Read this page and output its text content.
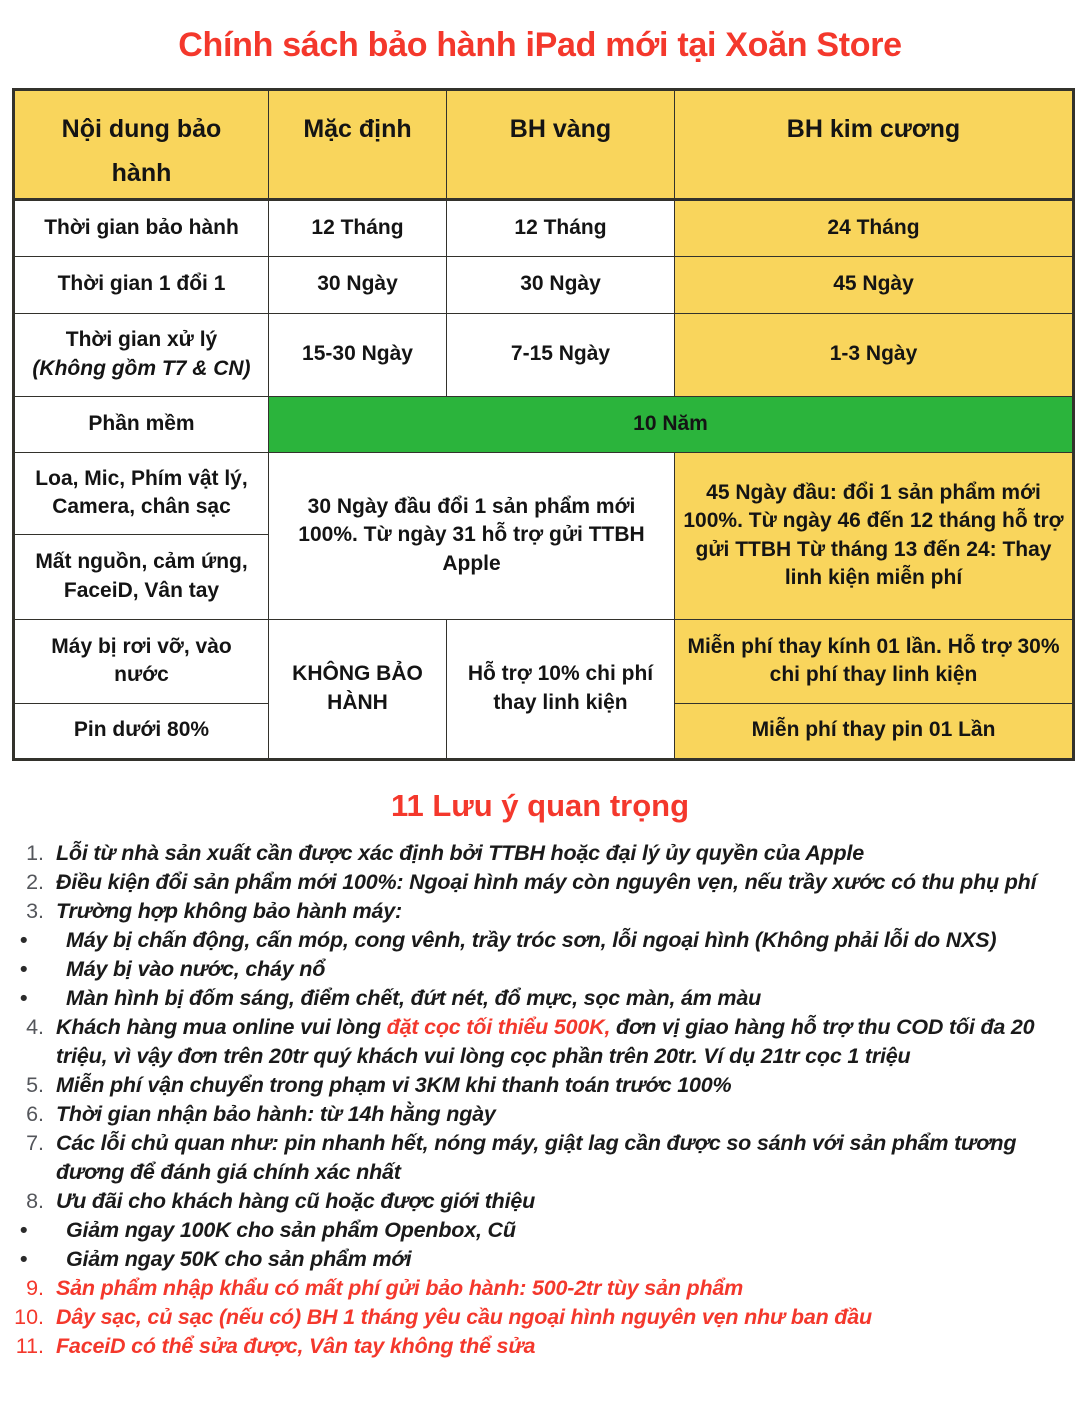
Chính sách bảo hành iPad mới tại Xoăn Store
Nội dung bảo hành	Mặc định	BH vàng	BH kim cương
Thời gian bảo hành	12 Tháng	12 Tháng	24 Tháng
Thời gian 1 đổi 1	30 Ngày	30 Ngày	45 Ngày

Thời gian xử lý
(Không gồm T7 & CN)	15-30 Ngày	7-15 Ngày	1-3 Ngày
Phần mềm	10 Năm		
Loa, Mic, Phím vật lý, Camera, chân sạc	30 Ngày đầu đổi 1 sản phẩm mới 100%. Từ ngày 31 hỗ trợ gửi TTBH Apple		45 Ngày đầu: đổi 1 sản phẩm mới 100%. Từ ngày 46 đến 12 tháng hỗ trợ gửi TTBH Từ tháng 13 đến 24: Thay linh kiện miễn phí
Mất nguồn, cảm ứng, FaceiD, Vân tay			
Máy bị rơi vỡ, vào nước	KHÔNG BẢO HÀNH	Hỗ trợ 10% chi phí thay linh kiện	Miễn phí thay kính 01 lần. Hỗ trợ 30% chi phí thay linh kiện
Pin dưới 80%			Miễn phí thay pin 01 Lần
11 Lưu ý quan trọng
1. Lỗi từ nhà sản xuất cần được xác định bởi TTBH hoặc đại lý ủy quyền của Apple
2. Điều kiện đổi sản phẩm mới 100%: Ngoại hình máy còn nguyên vẹn, nếu trầy xước có thu phụ phí
3. Trường hợp không bảo hành máy:
•	Máy bị chấn động, cấn móp, cong vênh, trầy tróc sơn, lỗi ngoại hình (Không phải lỗi do NXS)
•	Máy bị vào nước, cháy nổ
•	Màn hình bị đốm sáng, điểm chết, đứt nét, đổ mực, sọc màn, ám màu
4. Khách hàng mua online vui lòng đặt cọc tối thiểu 500K, đơn vị giao hàng hỗ trợ thu COD tối đa 20 triệu, vì vậy đơn trên 20tr quý khách vui lòng cọc phần trên 20tr. Ví dụ 21tr cọc 1 triệu
5. Miễn phí vận chuyển trong phạm vi 3KM khi thanh toán trước 100%
6. Thời gian nhận bảo hành: từ 14h hằng ngày
7. Các lỗi chủ quan như: pin nhanh hết, nóng máy, giật lag cần được so sánh với sản phẩm tương đương để đánh giá chính xác nhất
8. Ưu đãi cho khách hàng cũ hoặc được giới thiệu
•	Giảm ngay 100K cho sản phẩm Openbox, Cũ
•	Giảm ngay 50K cho sản phẩm mới
9. Sản phẩm nhập khẩu có mất phí gửi bảo hành: 500-2tr tùy sản phẩm
10. Dây sạc, củ sạc (nếu có) BH 1 tháng yêu cầu ngoại hình nguyên vẹn như ban đầu
11. FaceiD có thể sửa được, Vân tay không thể sửa
